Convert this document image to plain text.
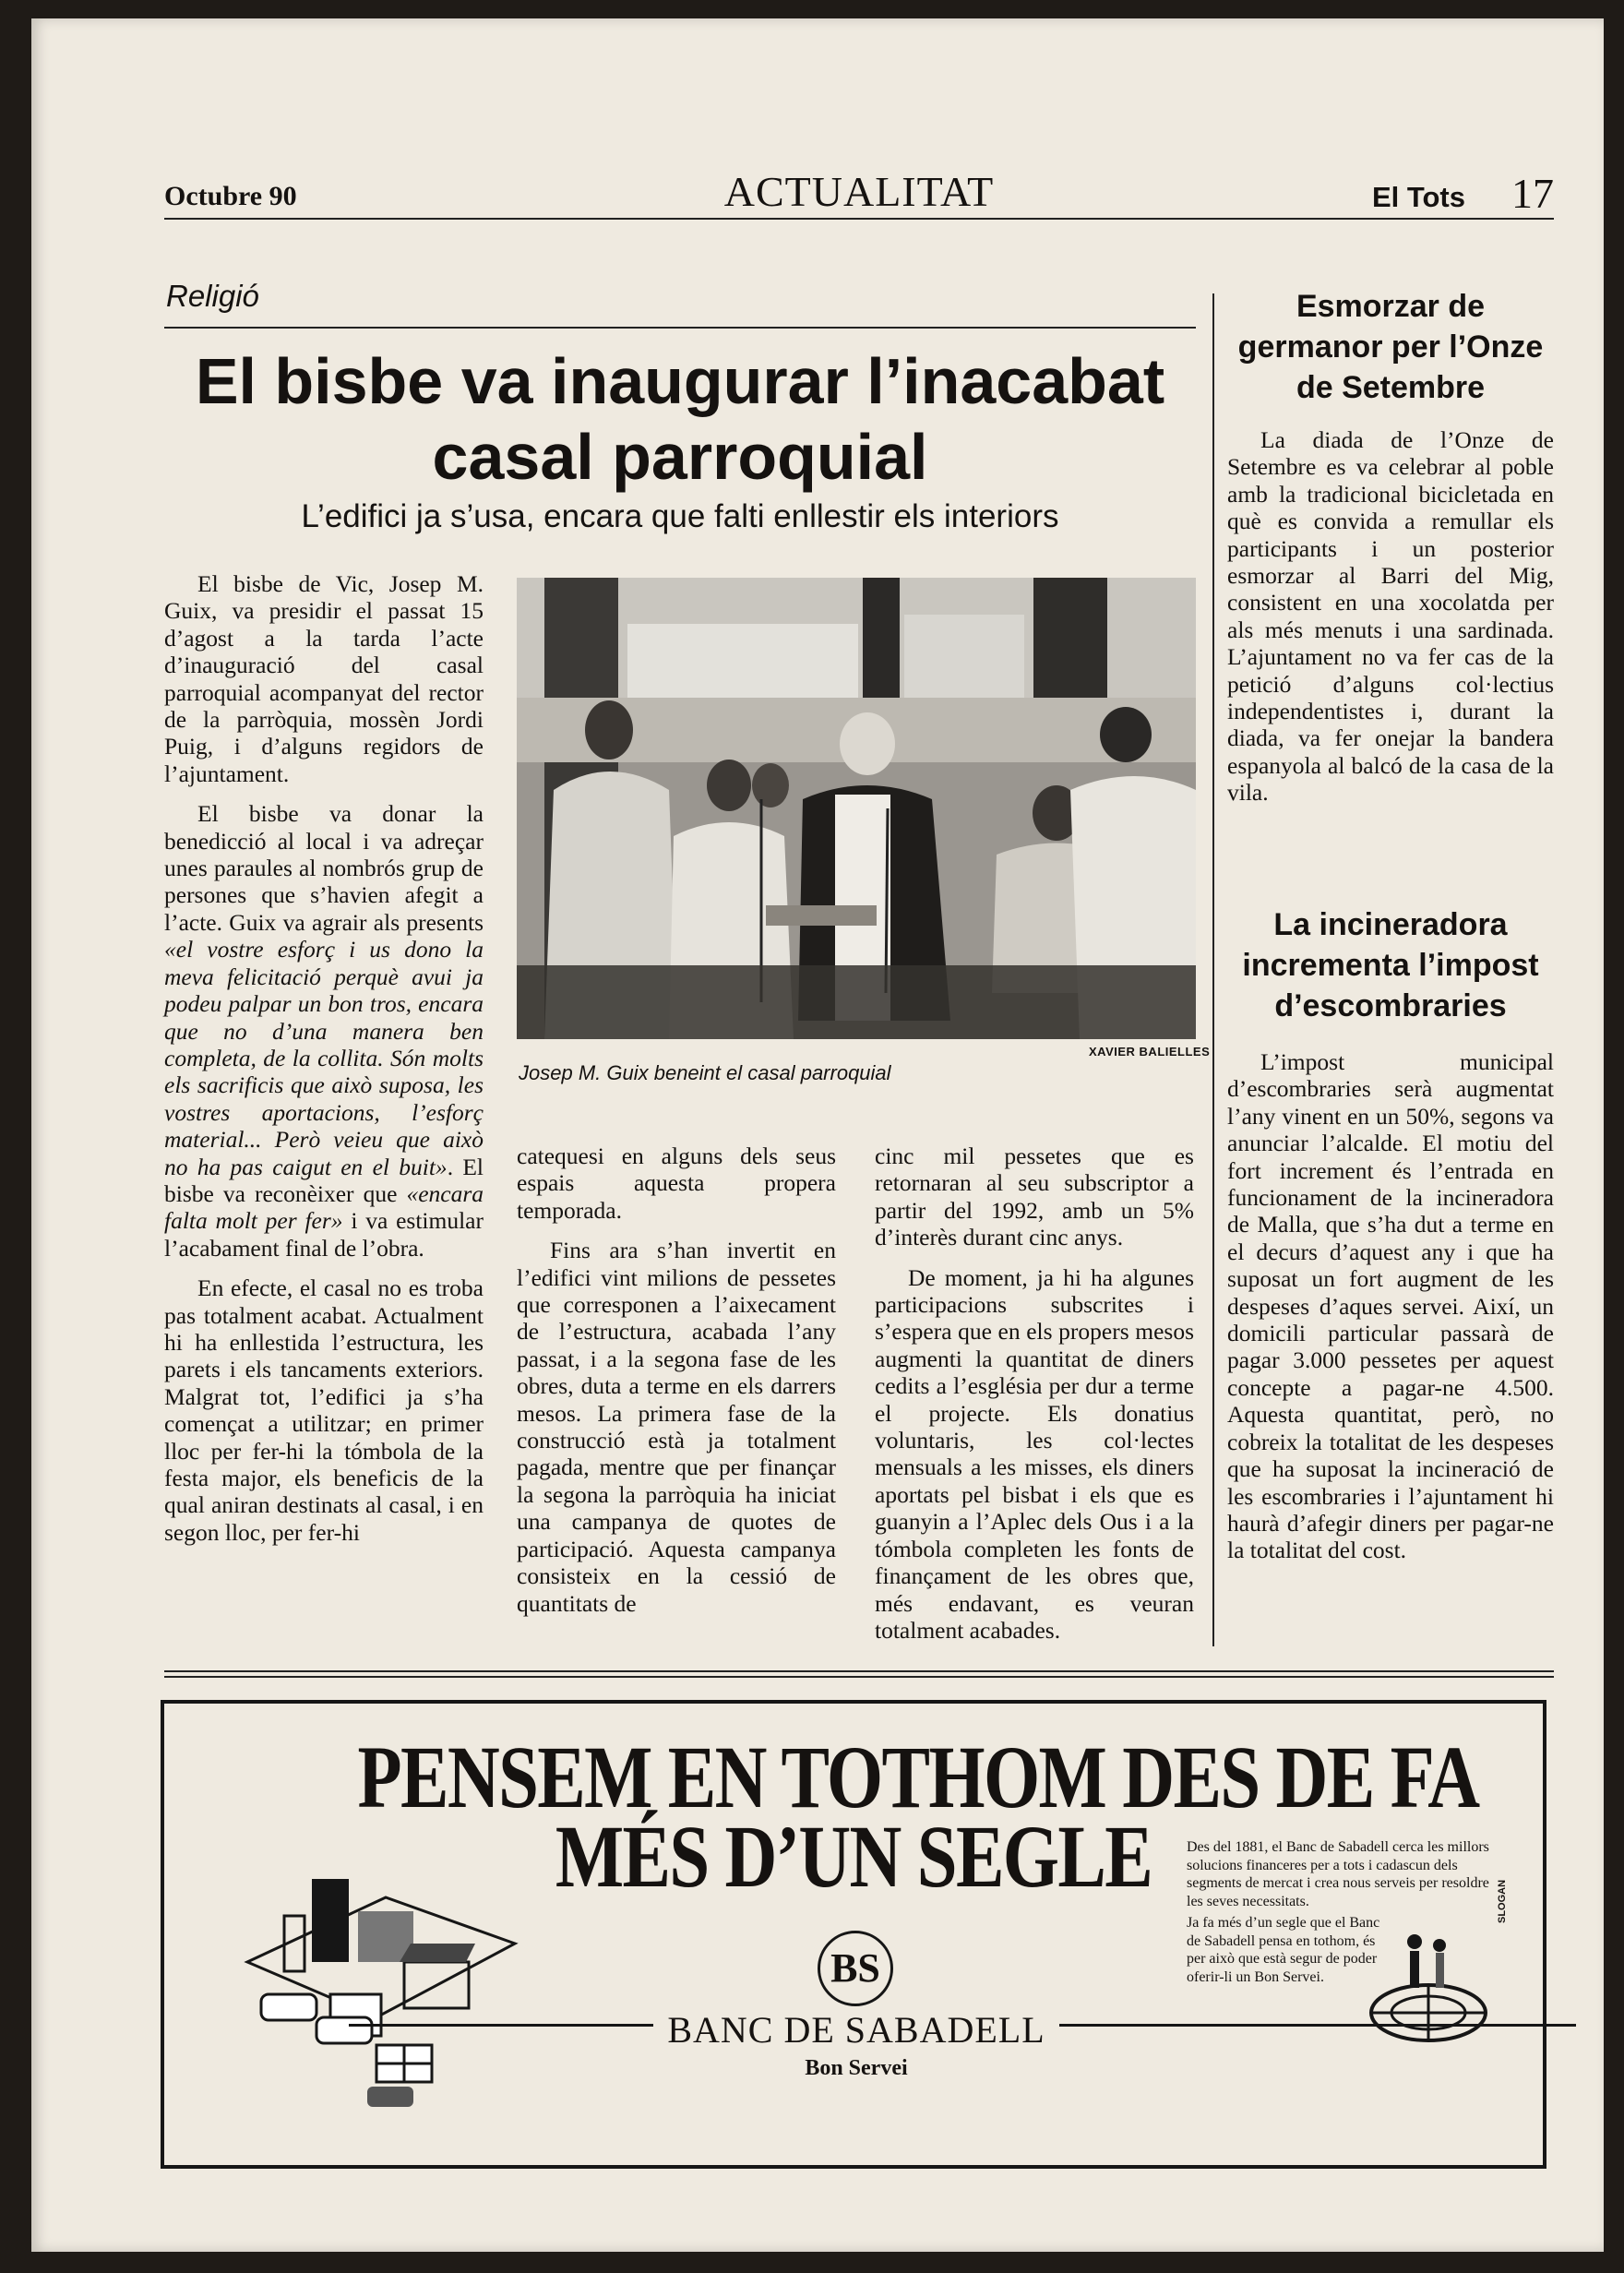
Octubre 90	ACTUALITAT	El Tots 17
Religió
El bisbe va inaugurar l’inacabat casal parroquial
L’edifici ja s’usa, encara que falti enllestir els interiors

El bisbe de Vic, Josep M. Guix, va presidir el passat 15 d’agost a la tarda l’acte d’inauguració del casal parroquial acompanyat del rector de la parròquia, mossèn Jordi Puig, i d’alguns regidors de l’ajuntament.

El bisbe va donar la benedicció al local i va adreçar unes paraules al nombrós grup de persones que s’havien afegit a l’acte. Guix va agrair als presents «el vostre esforç i us dono la meva felicitació perquè avui ja podeu palpar un bon tros, encara que no d’una manera ben completa, de la collita. Són molts els sacrificis que això suposa, les vostres aportacions, l’esforç material... Però veieu que això no ha pas caigut en el buit». El bisbe va reconèixer que «encara falta molt per fer» i va estimular l’acabament final de l’obra.

En efecte, el casal no es troba pas totalment acabat. Actualment hi ha enllestida l’estructura, les parets i els tancaments exteriors. Malgrat tot, l’edifici ja s’ha començat a utilitzar; en primer lloc per fer-hi la tómbola de la festa major, els beneficis de la qual aniran destinats al casal, i en segon lloc, per fer-hi

XAVIER BALIELLES
Josep M. Guix beneint el casal parroquial

catequesi en alguns dels seus espais aquesta propera temporada.

Fins ara s’han invertit en l’edifici vint milions de pessetes que corresponen a l’aixecament de l’estructura, acabada l’any passat, i a la segona fase de les obres, duta a terme en els darrers mesos. La primera fase de la construcció està ja totalment pagada, mentre que per finançar la segona la parròquia ha iniciat una campanya de quotes de participació. Aquesta campanya consisteix en la cessió de quantitats de

cinc mil pessetes que es retornaran al seu subscriptor a partir del 1992, amb un 5% d’interès durant cinc anys.

De moment, ja hi ha algunes participacions subscrites i s’espera que en els propers mesos augmenti la quantitat de diners cedits a l’església per dur a terme el projecte. Els donatius voluntaris, les col·lectes mensuals a les misses, els diners aportats pel bisbat i els que es guanyin a l’Aplec dels Ous i a la tómbola completen les fonts de finançament de les obres que, més endavant, es veuran totalment acabades.

Esmorzar de germanor per l’Onze de Setembre

La diada de l’Onze de Setembre es va celebrar al poble amb la tradicional bicicletada en què es convida a remullar els participants i un posterior esmorzar al Barri del Mig, consistent en una xocolatda per als més menuts i una sardinada. L’ajuntament no va fer cas de la petició d’alguns col·lectius independentistes i, durant la diada, va fer onejar la bandera espanyola al balcó de la casa de la vila.

La incineradora incrementa l’impost d’escombraries

L’impost municipal d’escombraries serà augmentat l’any vinent en un 50%, segons va anunciar l’alcalde. El motiu del fort increment és l’entrada en funcionament de la incineradora de Malla, que s’ha dut a terme en el decurs d’aquest any i que ha suposat un fort augment de les despeses d’aques servei. Així, un domicili particular passarà de pagar 3.000 pessetes per aquest concepte a pagar-ne 4.500. Aquesta quantitat, però, no cobreix la totalitat de les despeses que ha suposat la incineració de les escombraries i l’ajuntament hi haurà d’afegir diners per pagar-ne la totalitat del cost.

PENSEM EN TOTHOM DES DE FA
MÉS D’UN SEGLE
BS
BANC DE SABADELL
Bon Servei

Des del 1881, el Banc de Sabadell cerca les millors solucions financeres per a tots i cadascun dels segments de mercat i crea nous serveis per resoldre les seves necessitats.

Ja fa més d’un segle que el Banc de Sabadell pensa en tothom, és per això que està segur de poder oferir-li un Bon Servei.

SLOGAN
